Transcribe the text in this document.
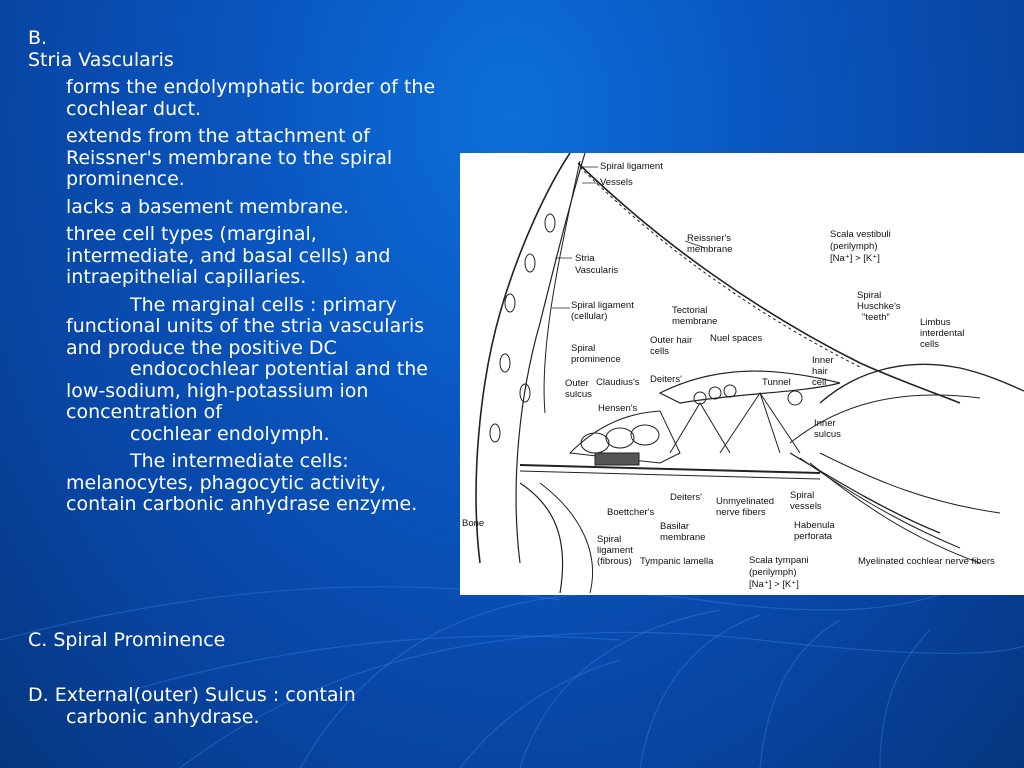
B.

Stria Vascularis

forms the endolymphatic border of the cochlear duct.

extends from the attachment of Reissner's membrane to the spiral prominence.

lacks a basement membrane.

three cell types (marginal, intermediate, and basal cells) and intraepithelial capillaries.

The marginal cells : primary functional units of the stria vascularis and produce the positive DC
endocochlear potential and the low-sodium, high-potassium ion concentration of
cochlear endolymph.
The intermediate cells: melanocytes, phagocytic activity, contain carbonic anhydrase enzyme.
C. Spiral Prominence
D. External(outer) Sulcus : contain
carbonic anhydrase.
Spiral ligament
Vessels
Reissner's
membrane
Scala vestibuli
(perilymph)
[Na⁺] > [K⁺]
Stria
Vascularis
Spiral ligament
(cellular)
Tectorial
membrane
Spiral
Huschke's
"teeth"	Limbus
interdental
cells
Outer hair
cells
Nuel spaces
Spiral
prominence	Inner
hair
cell
Claudius's Deiters'	Tunnel
Outer
sulcus
Hensen's
Inner
sulcus
Deiters' Unmyelinated
nerve fibers
Spiral
vessels
Bone
Boettcher's
Habenula
perforata
Basilar
membrane
Spiral
ligament
(fibrous) Tympanic lamella	Scala tympani
(perilymph)
[Na⁺] > [K⁺]
Myelinated cochlear nerve fibers
